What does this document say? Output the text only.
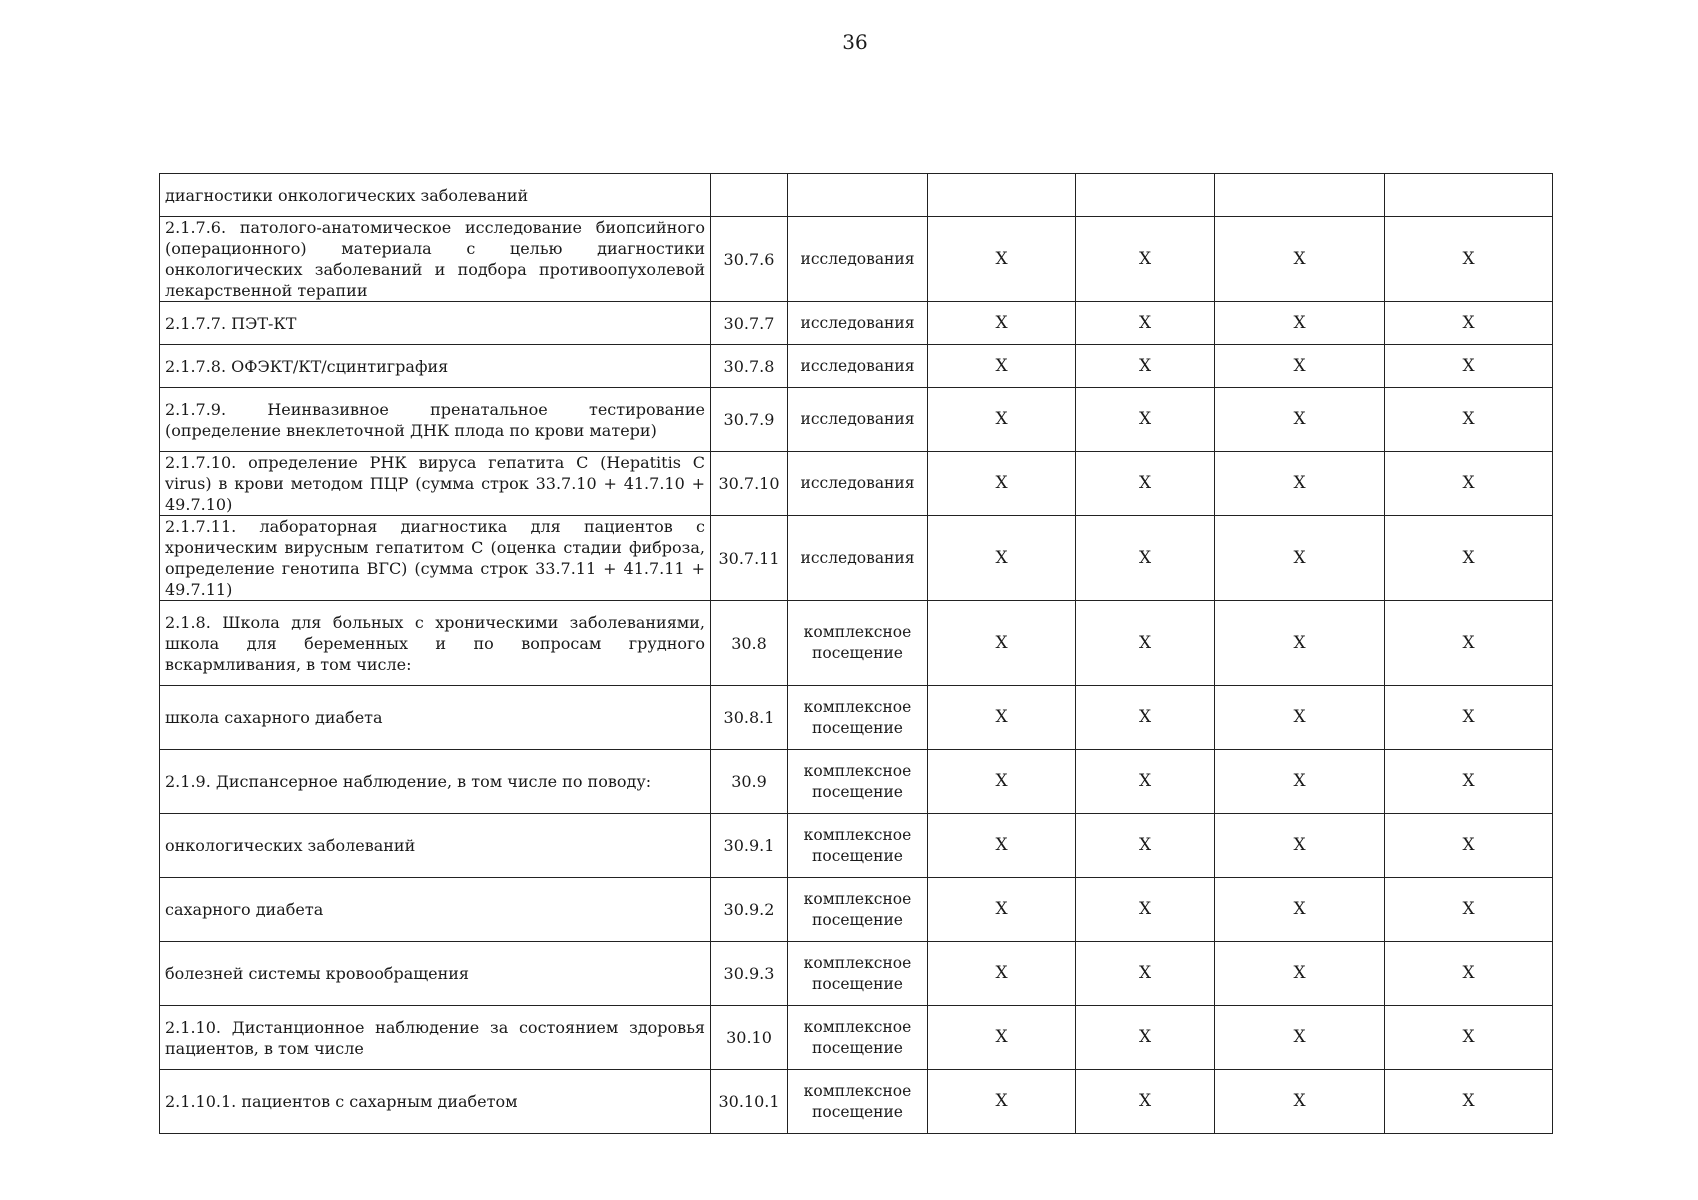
36
диагностики онкологических заболеваний						
2.1.7.6. патолого-анатомическое исследование биопсийного (операционного) материала с целью диагностики онкологических заболеваний и подбора противоопухолевой лекарственной терапии	30.7.6	исследования	X	X	X	X
2.1.7.7. ПЭТ-КТ	30.7.7	исследования	X	X	X	X
2.1.7.8. ОФЭКТ/КТ/сцинтиграфия	30.7.8	исследования	X	X	X	X
2.1.7.9. Неинвазивное пренатальное тестирование (определение внеклеточной ДНК плода по крови матери)	30.7.9	исследования	X	X	X	X
2.1.7.10. определение РНК вируса гепатита С (Hepatitis C virus) в крови методом ПЦР (сумма строк 33.7.10 + 41.7.10 + 49.7.10)	30.7.10	исследования	X	X	X	X
2.1.7.11. лабораторная диагностика для пациентов с хроническим вирусным гепатитом С (оценка стадии фиброза, определение генотипа ВГС) (сумма строк 33.7.11 + 41.7.11 + 49.7.11)	30.7.11	исследования	X	X	X	X
2.1.8. Школа для больных с хроническими заболеваниями, школа для беременных и по вопросам грудного вскармливания, в том числе:	30.8	комплексное посещение	X	X	X	X
школа сахарного диабета	30.8.1	комплексное посещение	X	X	X	X
2.1.9. Диспансерное наблюдение, в том числе по поводу:	30.9	комплексное посещение	X	X	X	X
онкологических заболеваний	30.9.1	комплексное посещение	X	X	X	X
сахарного диабета	30.9.2	комплексное посещение	X	X	X	X
болезней системы кровообращения	30.9.3	комплексное посещение	X	X	X	X
2.1.10. Дистанционное наблюдение за состоянием здоровья пациентов, в том числе	30.10	комплексное посещение	X	X	X	X
2.1.10.1. пациентов с сахарным диабетом	30.10.1	комплексное посещение	X	X	X	X
